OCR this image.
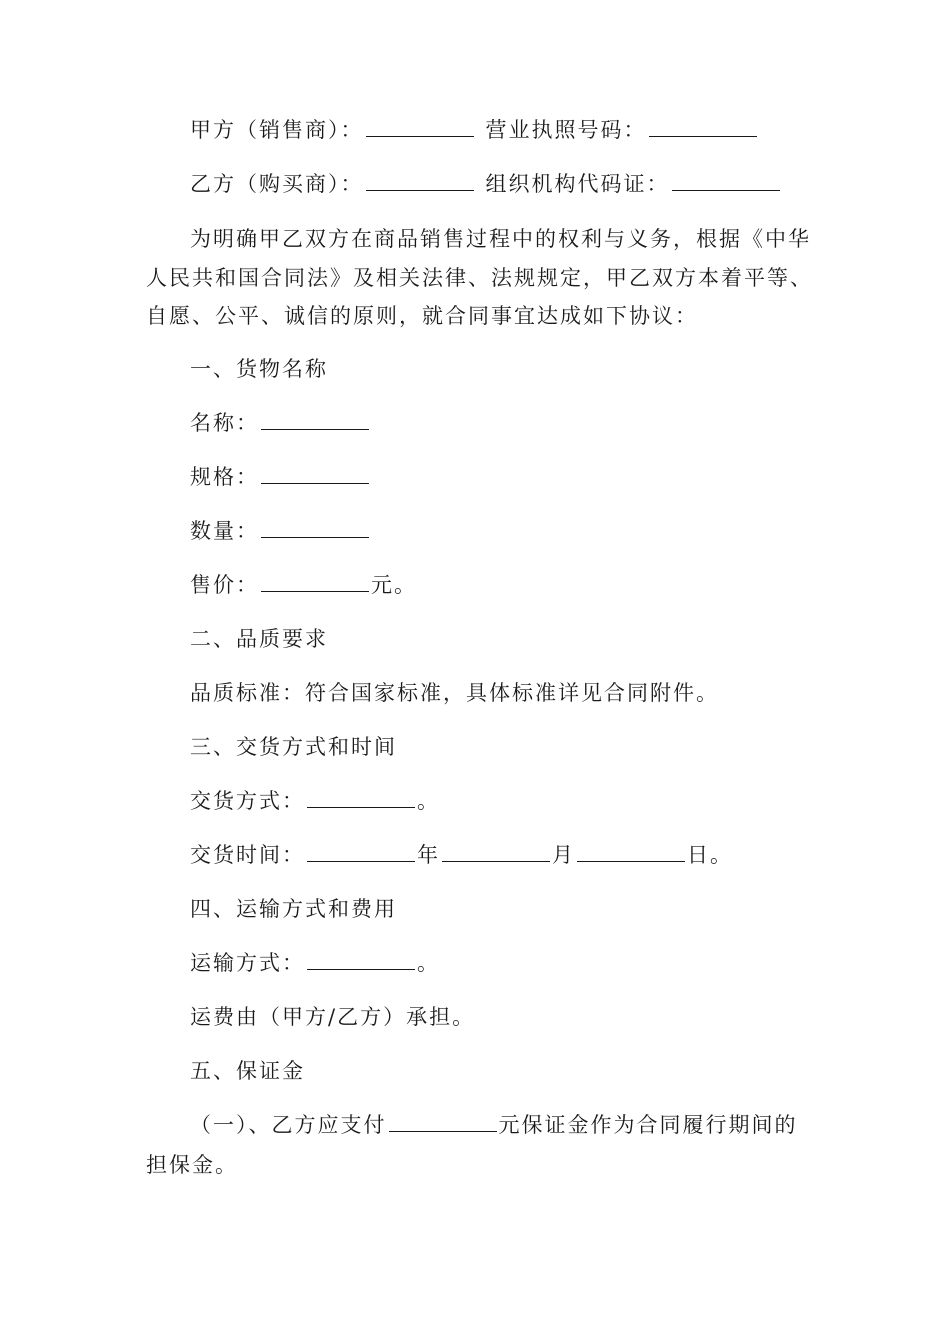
甲方（销售商）：	营业执照号码：
乙方（购买商）：	组织机构代码证：
为明确甲乙双方在商品销售过程中的权利与义务，根据《中华
人民共和国合同法》及相关法律、法规规定，甲乙双方本着平等、
自愿、公平、诚信的原则，就合同事宜达成如下协议：
一、货物名称
名称：
规格：
数量：
售价：	元。
二、品质要求
品质标准：符合国家标准，具体标准详见合同附件。
三、交货方式和时间
交货方式：	。
交货时间：	年	月	日。
四、运输方式和费用
运输方式：	。
运费由（甲方/乙方）承担。
五、保证金
（一）、乙方应支付	元保证金作为合同履行期间的
担保金。
